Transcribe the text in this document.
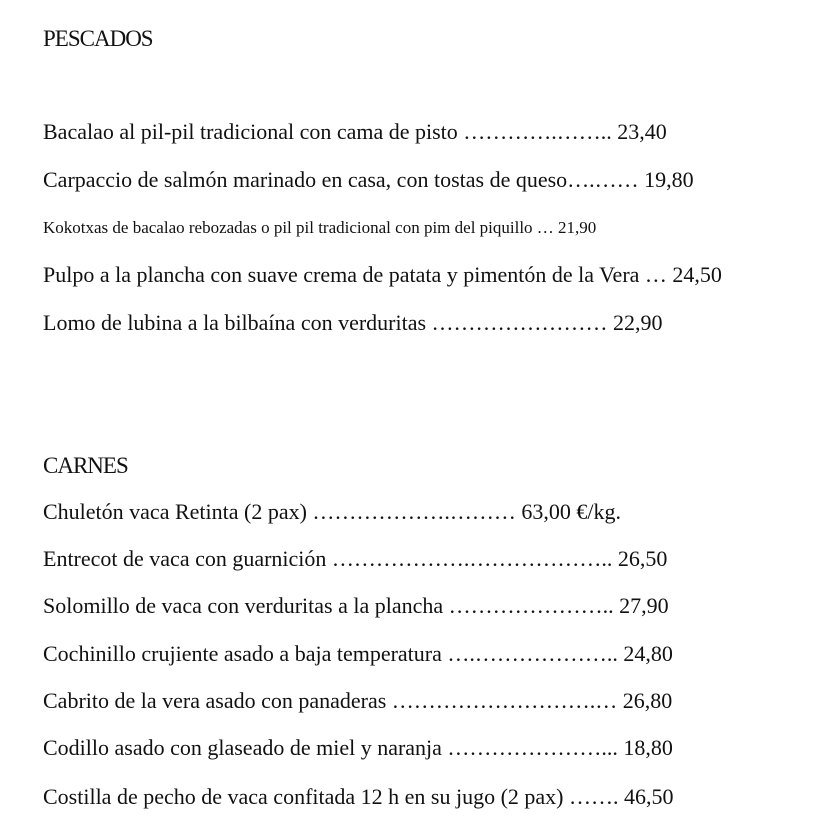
PESCADOS
Bacalao al pil-pil tradicional con cama de pisto ………….…….. 23,40
Carpaccio de salmón marinado en casa, con tostas de queso….…… 19,80
Kokotxas de bacalao rebozadas o pil pil tradicional con pim del piquillo … 21,90
Pulpo a la plancha con suave crema de patata y pimentón de la Vera … 24,50
Lomo de lubina a la bilbaína con verduritas …………………… 22,90
CARNES
Chuletón vaca Retinta (2 pax) ……………….……… 63,00 €/kg.
Entrecot de vaca con guarnición ……………….……………….. 26,50
Solomillo de vaca con verduritas a la plancha ………………….. 27,90
Cochinillo crujiente asado a baja temperatura ….……………….. 24,80
Cabrito de la vera asado con panaderas ……………………….… 26,80
Codillo asado con glaseado de miel y naranja …………………... 18,80
Costilla de pecho de vaca confitada 12 h en su jugo (2 pax) ……. 46,50
